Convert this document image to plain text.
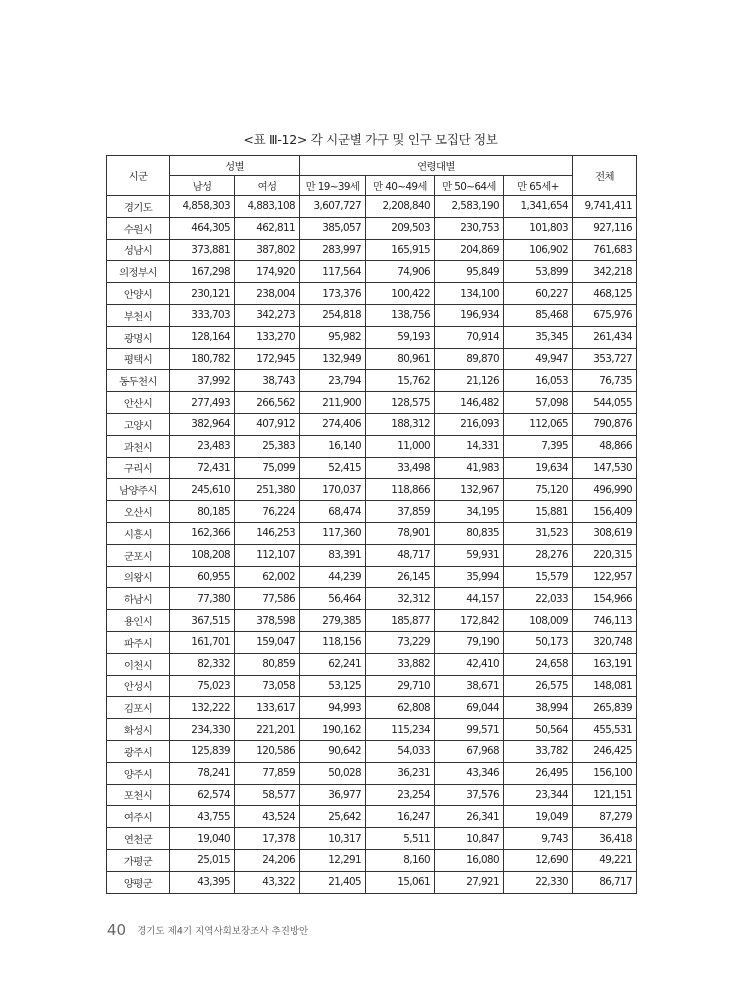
<표 Ⅲ-12> 각 시군별 가구 및 인구 모집단 정보
시군	성별		연령대별				전체
	남성	여성	만 19~39세	만 40~49세	만 50~64세	만 65세+	
경기도	4,858,303	4,883,108	3,607,727	2,208,840	2,583,190	1,341,654	9,741,411
수원시	464,305	462,811	385,057	209,503	230,753	101,803	927,116
성남시	373,881	387,802	283,997	165,915	204,869	106,902	761,683
의정부시	167,298	174,920	117,564	74,906	95,849	53,899	342,218
안양시	230,121	238,004	173,376	100,422	134,100	60,227	468,125
부천시	333,703	342,273	254,818	138,756	196,934	85,468	675,976
광명시	128,164	133,270	95,982	59,193	70,914	35,345	261,434
평택시	180,782	172,945	132,949	80,961	89,870	49,947	353,727
동두천시	37,992	38,743	23,794	15,762	21,126	16,053	76,735
안산시	277,493	266,562	211,900	128,575	146,482	57,098	544,055
고양시	382,964	407,912	274,406	188,312	216,093	112,065	790,876
과천시	23,483	25,383	16,140	11,000	14,331	7,395	48,866
구리시	72,431	75,099	52,415	33,498	41,983	19,634	147,530
남양주시	245,610	251,380	170,037	118,866	132,967	75,120	496,990
오산시	80,185	76,224	68,474	37,859	34,195	15,881	156,409
시흥시	162,366	146,253	117,360	78,901	80,835	31,523	308,619
군포시	108,208	112,107	83,391	48,717	59,931	28,276	220,315
의왕시	60,955	62,002	44,239	26,145	35,994	15,579	122,957
하남시	77,380	77,586	56,464	32,312	44,157	22,033	154,966
용인시	367,515	378,598	279,385	185,877	172,842	108,009	746,113
파주시	161,701	159,047	118,156	73,229	79,190	50,173	320,748
이천시	82,332	80,859	62,241	33,882	42,410	24,658	163,191
안성시	75,023	73,058	53,125	29,710	38,671	26,575	148,081
김포시	132,222	133,617	94,993	62,808	69,044	38,994	265,839
화성시	234,330	221,201	190,162	115,234	99,571	50,564	455,531
광주시	125,839	120,586	90,642	54,033	67,968	33,782	246,425
양주시	78,241	77,859	50,028	36,231	43,346	26,495	156,100
포천시	62,574	58,577	36,977	23,254	37,576	23,344	121,151
여주시	43,755	43,524	25,642	16,247	26,341	19,049	87,279
연천군	19,040	17,378	10,317	5,511	10,847	9,743	36,418
가평군	25,015	24,206	12,291	8,160	16,080	12,690	49,221
양평군	43,395	43,322	21,405	15,061	27,921	22,330	86,717
40 경기도 제4기 지역사회보장조사 추진방안
